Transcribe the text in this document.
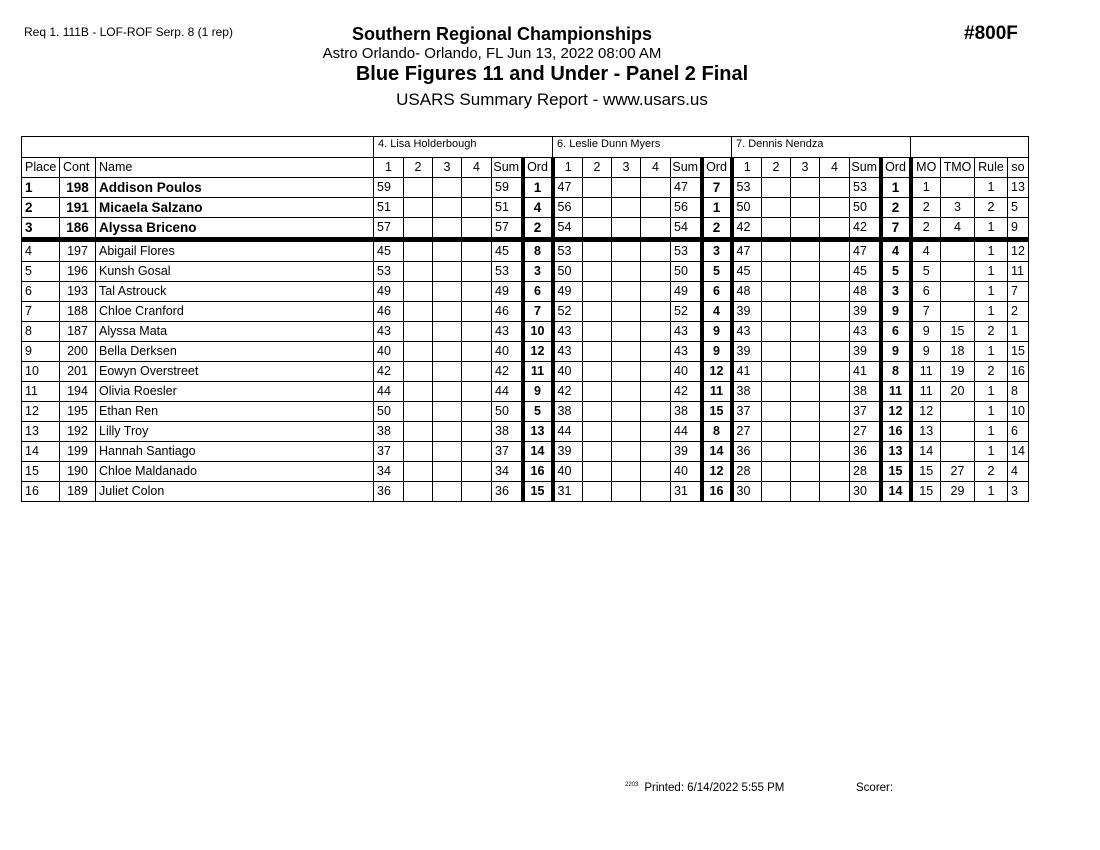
Req 1. 111B - LOF-ROF Serp. 8 (1 rep)	#800F
Southern Regional Championships
Astro Orlando- Orlando, FL Jun 13, 2022 08:00 AM
Blue Figures 11 and Under - Panel 2 Final
USARS Summary Report - www.usars.us
			4. Lisa Holderbough						6. Leslie Dunn Myers						7. Dennis Nendza									
Place	Cont	Name	1	2	3	4	Sum	Ord	1	2	3	4	Sum	Ord	1	2	3	4	Sum	Ord	MO	TMO	Rule	so
1	198	Addison Poulos	59				59	1	47				47	7	53				53	1	1		1	13
2	191	Micaela Salzano	51				51	4	56				56	1	50				50	2	2	3	2	5
3	186	Alyssa Briceno	57				57	2	54				54	2	42				42	7	2	4	1	9
4	197	Abigail Flores	45				45	8	53				53	3	47				47	4	4		1	12
5	196	Kunsh Gosal	53				53	3	50				50	5	45				45	5	5		1	11
6	193	Tal Astrouck	49				49	6	49				49	6	48				48	3	6		1	7
7	188	Chloe Cranford	46				46	7	52				52	4	39				39	9	7		1	2
8	187	Alyssa Mata	43				43	10	43				43	9	43				43	6	9	15	2	1
9	200	Bella Derksen	40				40	12	43				43	9	39				39	9	9	18	1	15
10	201	Eowyn Overstreet	42				42	11	40				40	12	41				41	8	11	19	2	16
11	194	Olivia Roesler	44				44	9	42				42	11	38				38	11	11	20	1	8
12	195	Ethan Ren	50				50	5	38				38	15	37				37	12	12		1	10
13	192	Lilly Troy	38				38	13	44				44	8	27				27	16	13		1	6
14	199	Hannah Santiago	37				37	14	39				39	14	36				36	13	14		1	14
15	190	Chloe Maldanado	34				34	16	40				40	12	28				28	15	15	27	2	4
16	189	Juliet Colon	36				36	15	31				31	16	30				30	14	15	29	1	3
$^{2203}$ Printed: 6/14/2022 5:55 PM	Scorer:
